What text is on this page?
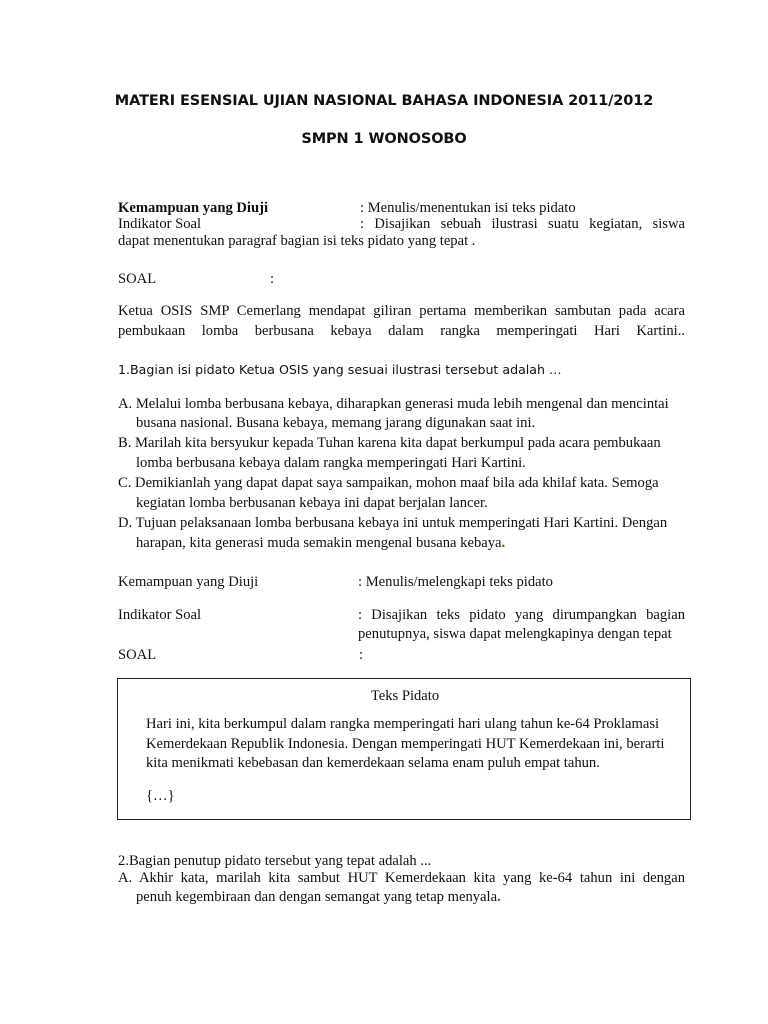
MATERI ESENSIAL UJIAN NASIONAL BAHASA INDONESIA 2011/2012

SMPN 1 WONOSOBO

Kemampuan yang Diuji	: Menulis/menentukan isi teks pidato

Indikator Soal	: Disajikan sebuah ilustrasi suatu kegiatan, siswa

dapat menentukan paragraf bagian isi teks pidato yang tepat .

SOAL	:

Ketua OSIS SMP Cemerlang mendapat giliran pertama memberikan sambutan pada acara

pembukaan lomba berbusana kebaya dalam rangka memperingati Hari Kartini..

1.Bagian isi pidato Ketua OSIS yang sesuai ilustrasi tersebut adalah …

A. Melalui lomba berbusana kebaya, diharapkan generasi muda lebih mengenal dan mencintai

busana nasional. Busana kebaya, memang jarang digunakan saat ini.

B. Marilah kita bersyukur kepada Tuhan karena kita dapat berkumpul pada acara pembukaan

lomba berbusana kebaya dalam rangka memperingati Hari Kartini.

C. Demikianlah yang dapat dapat saya sampaikan, mohon maaf bila ada khilaf kata. Semoga

kegiatan lomba berbusanan kebaya ini dapat berjalan lancer.

D. Tujuan pelaksanaan lomba berbusana kebaya ini untuk memperingati Hari Kartini. Dengan

harapan, kita generasi muda semakin mengenal busana kebaya.

Kemampuan yang Diuji	: Menulis/melengkapi teks pidato

Indikator Soal	: Disajikan teks pidato yang dirumpangkan bagian

penutupnya, siswa dapat melengkapinya dengan tepat

SOAL	:

Teks Pidato

Hari ini, kita berkumpul dalam rangka memperingati hari ulang tahun ke-64 Proklamasi

Kemerdekaan Republik Indonesia. Dengan memperingati HUT Kemerdekaan ini, berarti

kita menikmati kebebasan dan kemerdekaan selama enam puluh empat tahun.

{…}

2.Bagian penutup pidato tersebut yang tepat adalah ...

A. Akhir kata, marilah kita sambut HUT Kemerdekaan kita yang ke-64 tahun ini dengan

penuh kegembiraan dan dengan semangat yang tetap menyala.
